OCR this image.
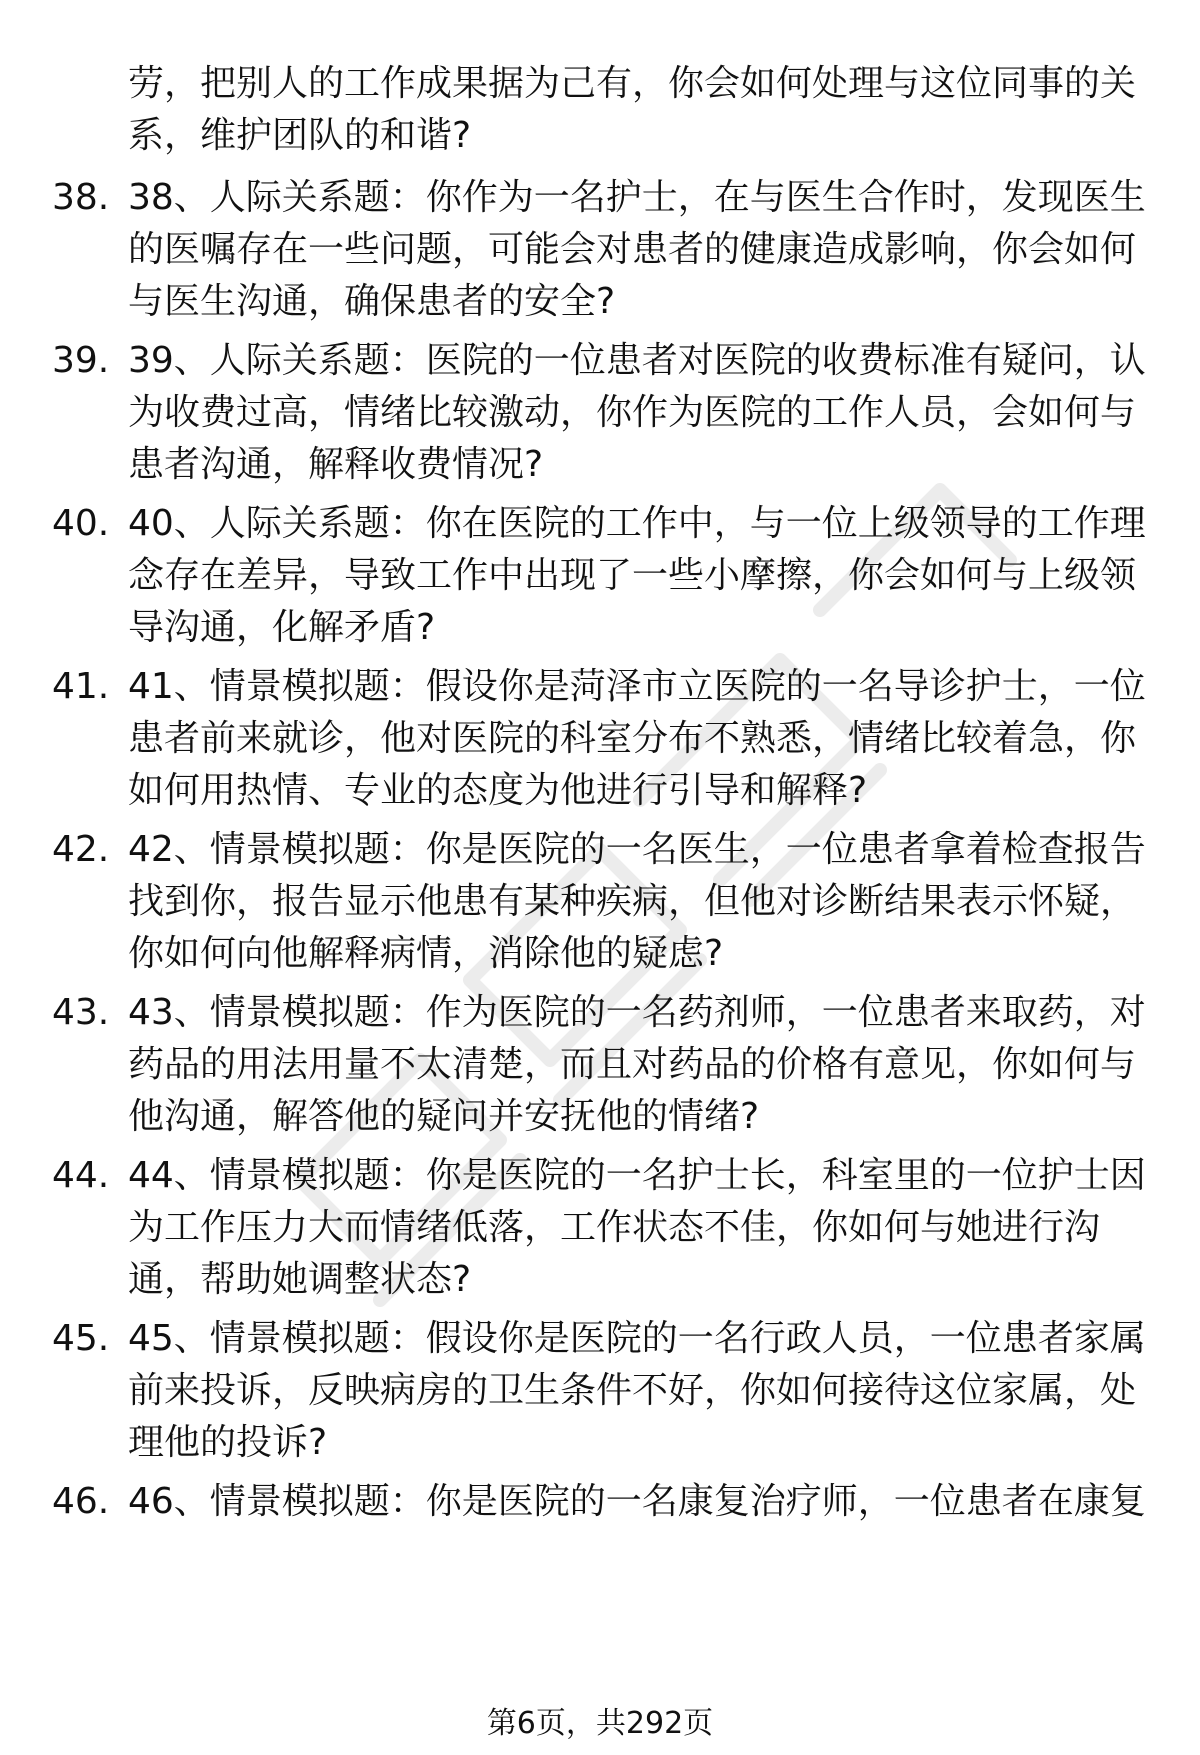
劳，把别人的工作成果据为己有，你会如何处理与这位同事的关系，维护团队的和谐?

38. 38、人际关系题：你作为一名护士，在与医生合作时，发现医生的医嘱存在一些问题，可能会对患者的健康造成影响，你会如何与医生沟通，确保患者的安全?

39. 39、人际关系题：医院的一位患者对医院的收费标准有疑问，认为收费过高，情绪比较激动，你作为医院的工作人员，会如何与患者沟通，解释收费情况?

40. 40、人际关系题：你在医院的工作中，与一位上级领导的工作理念存在差异，导致工作中出现了一些小摩擦，你会如何与上级领导沟通，化解矛盾?

41. 41、情景模拟题：假设你是菏泽市立医院的一名导诊护士，一位患者前来就诊，他对医院的科室分布不熟悉，情绪比较着急，你如何用热情、专业的态度为他进行引导和解释?

42. 42、情景模拟题：你是医院的一名医生，一位患者拿着检查报告找到你，报告显示他患有某种疾病，但他对诊断结果表示怀疑，你如何向他解释病情，消除他的疑虑?

43. 43、情景模拟题：作为医院的一名药剂师，一位患者来取药，对药品的用法用量不太清楚，而且对药品的价格有意见，你如何与他沟通，解答他的疑问并安抚他的情绪?

44. 44、情景模拟题：你是医院的一名护士长，科室里的一位护士因为工作压力大而情绪低落，工作状态不佳，你如何与她进行沟通，帮助她调整状态?

45. 45、情景模拟题：假设你是医院的一名行政人员，一位患者家属前来投诉，反映病房的卫生条件不好，你如何接待这位家属，处理他的投诉?

46. 46、情景模拟题：你是医院的一名康复治疗师，一位患者在康复

第6页，共292页
